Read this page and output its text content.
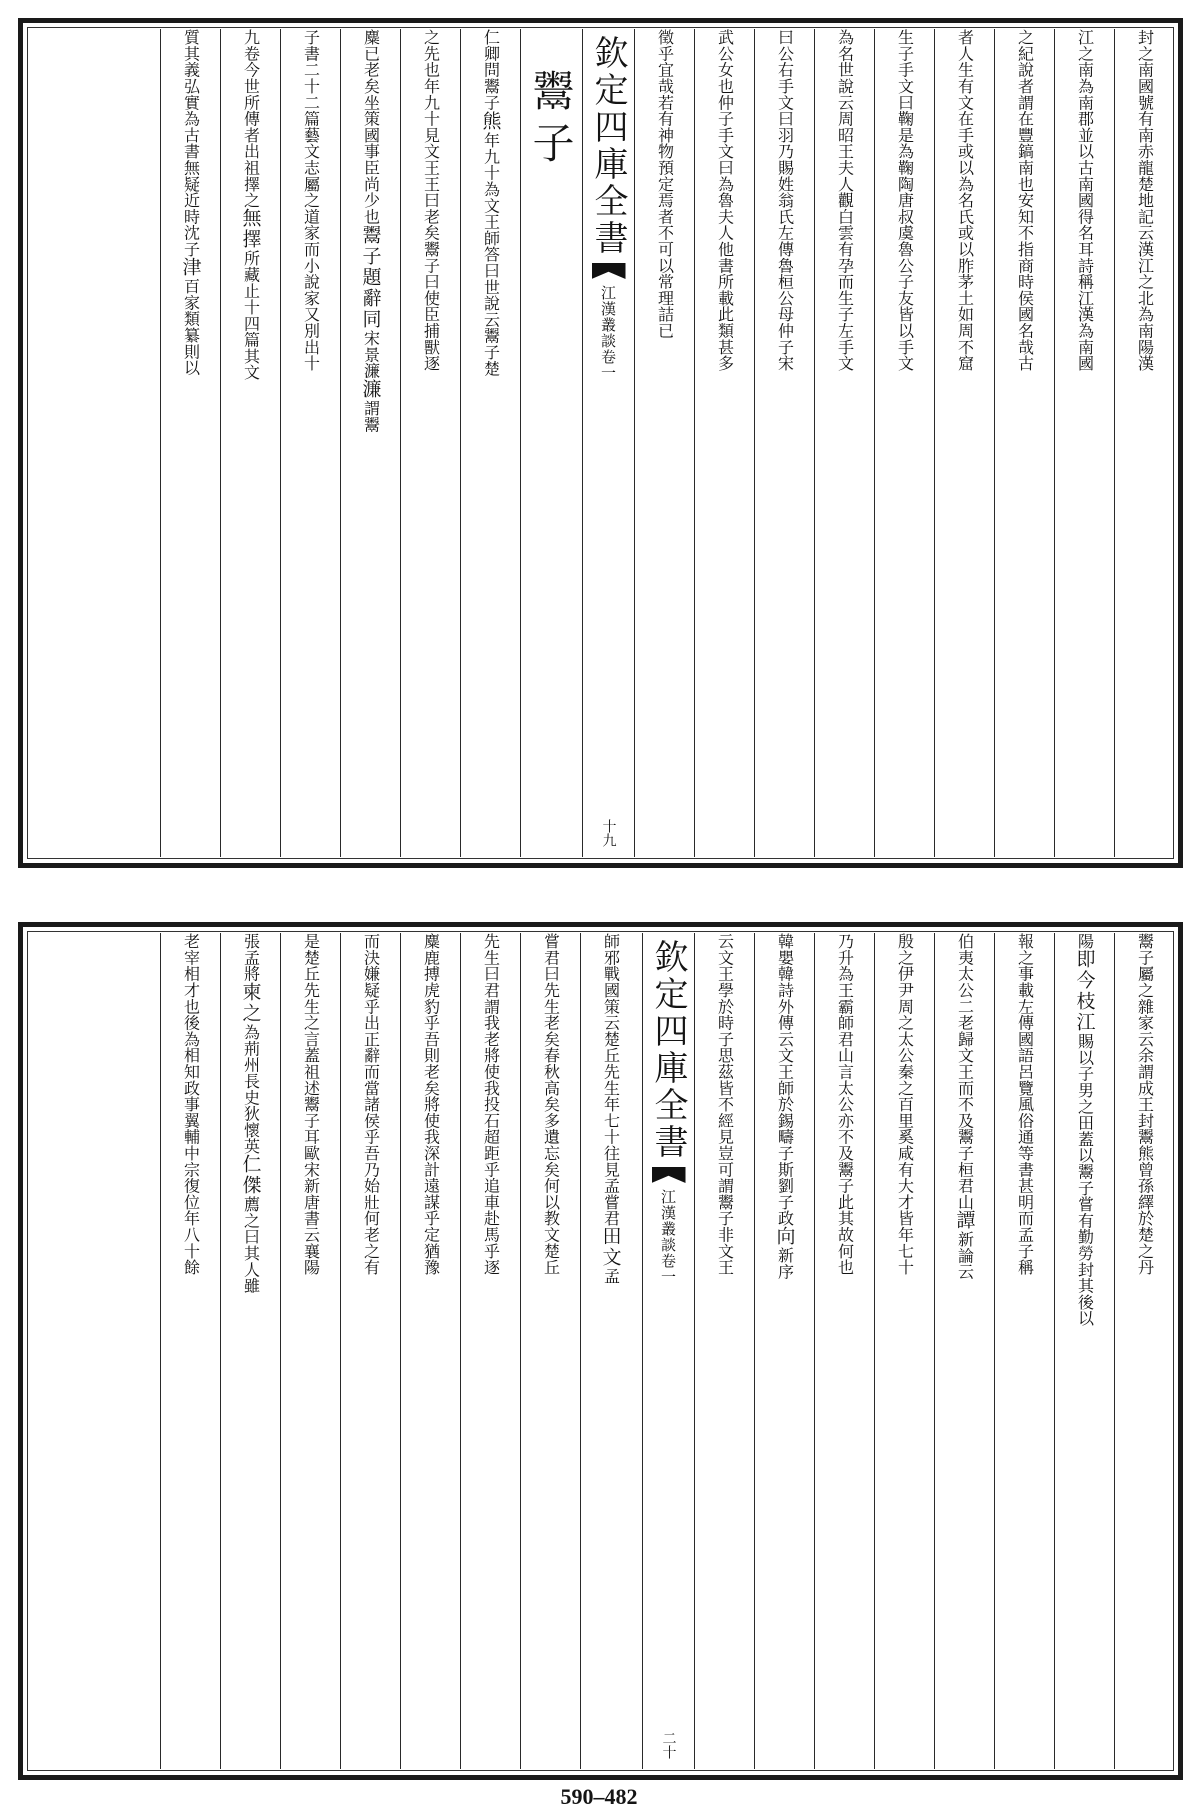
封之南國號有南赤龍楚地記云漢江之北為南陽漢
江之南為南郡並以古南國得名耳詩稱江漢為南國
之紀說者謂在豐鎬南也安知不指商時侯國名哉古
者人生有文在手或以為名氏或以胙茅土如周不窟
生子手文曰鞠是為鞠陶唐叔虞魯公子友皆以手文
為名世說云周昭王夫人觀白雲有孕而生子左手文
曰公右手文曰羽乃賜姓翁氏左傳魯桓公母仲子宋
武公女也仲子手文曰為魯夫人他書所載此類甚多
徵乎宜哉若有神物預定焉者不可以常理詰已
欽定四庫全書
江漢叢談
卷一
十九
鬻子
仁卿問鬻子
熊
年九十為文王師答曰世說云鬻子楚
之先也年九十見文王王曰老矣鬻子曰使臣捕獸逐
麋已老矣坐策國事臣尚少也
鬻子題辭同
宋景濂
濂
謂鬻
子書二十二篇藝文志屬之道家而小說家又別出十
九卷今世所傳者出祖擇之
無擇
所藏止十四篇其文
質其義弘實為古書無疑近時沈子
津
百家類纂則以
鬻子屬之雜家云余謂成王封鬻熊曾孫繹於楚之丹
陽
即今枝江
賜以子男之田蓋以鬻子嘗有勤勞封其後以
報之事載左傳國語呂覽風俗通等書甚明而孟子稱
伯夷太公二老歸文王而不及鬻子桓君山
譚
新論云
殷之伊尹周之太公秦之百里奚咸有大才皆年七十
乃升為王霸師君山言太公亦不及鬻子此其故何也
韓嬰韓詩外傳云文王師於錫疇子斯劉子政
向
新序
云文王學於時子思茲皆不經見豈可謂鬻子非文王
欽定四庫全書
江漢叢談
卷一
二十
師邪戰國策云楚丘先生年七十往見孟嘗君
田文
孟
嘗君曰先生老矣春秋高矣多遺忘矣何以教文楚丘
先生曰君謂我老將使我投石超距乎追車赴馬乎逐
麋鹿搏虎豹乎吾則老矣將使我深計遠謀乎定猶豫
而決嫌疑乎出正辭而當諸侯乎吾乃始壯何老之有
是楚丘先生之言蓋祖述鬻子耳歐宋新唐書云襄陽
張孟將
柬之
為荊州長史狄懷英
仁傑
薦之曰其人雖
老宰相才也後為相知政事翼輔中宗復位年八十餘
590–482
